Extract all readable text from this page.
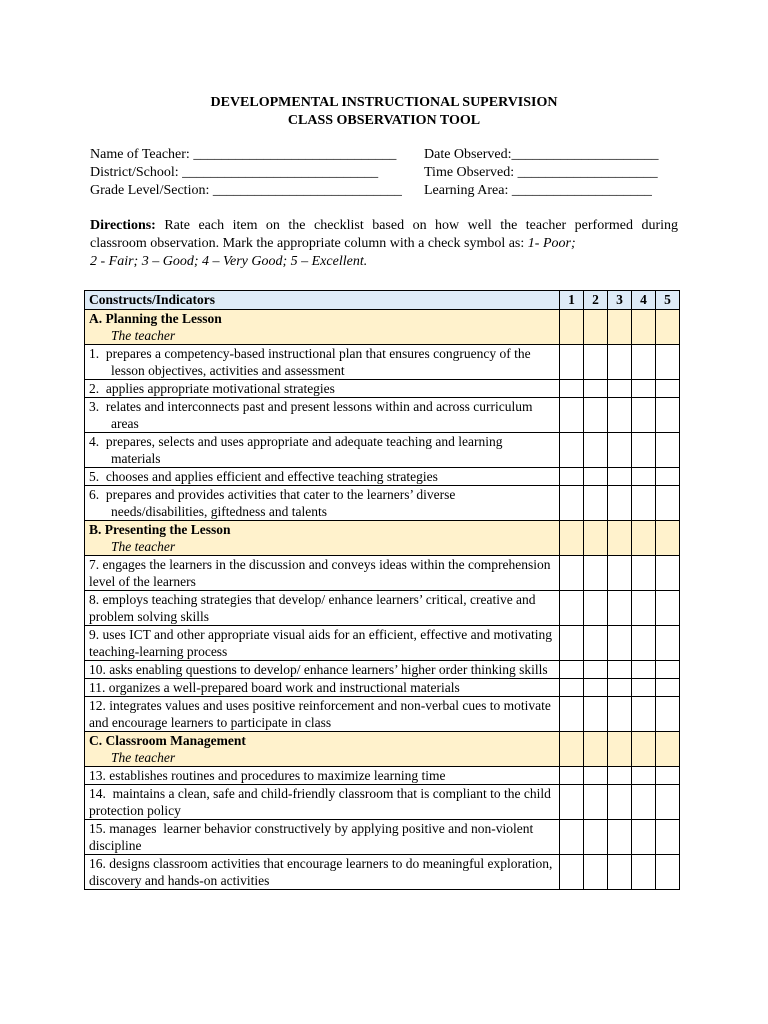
DEVELOPMENTAL INSTRUCTIONAL SUPERVISION
CLASS OBSERVATION TOOL
Name of Teacher: _____________________________ Date Observed:_____________________
District/School: ____________________________	Time Observed: ____________________
Grade Level/Section: ___________________________ Learning Area: ____________________
Directions: Rate each item on the checklist based on how well the teacher performed during
classroom observation. Mark the appropriate column with a check symbol as: 1- Poor;
2 - Fair; 3 – Good; 4 – Very Good; 5 – Excellent.
Constructs/Indicators	1	2	3	4	5

A. Planning the Lesson
The teacher					

1.  prepares a competency-based instructional plan that ensures congruency of the lesson objectives, activities and assessment					

2.  applies appropriate motivational strategies					

3.  relates and interconnects past and present lessons within and across curriculum areas					

4.  prepares, selects and uses appropriate and adequate teaching and learning materials					

5.  chooses and applies efficient and effective teaching strategies					

6.  prepares and provides activities that cater to the learners’ diverse needs/disabilities, giftedness and talents					

B. Presenting the Lesson
The teacher					

7. engages the learners in the discussion and conveys ideas within the comprehension level of the learners					
8. employs teaching strategies that develop/ enhance learners’ critical, creative and problem solving skills					
9. uses ICT and other appropriate visual aids for an efficient, effective and motivating teaching-learning process					
10. asks enabling questions to develop/ enhance learners’ higher order thinking skills					
11. organizes a well-prepared board work and instructional materials					
12. integrates values and uses positive reinforcement and non-verbal cues to motivate and encourage learners to participate in class					

C. Classroom Management
The teacher					

13. establishes routines and procedures to maximize learning time					
14.  maintains a clean, safe and child-friendly classroom that is compliant to the child protection policy					
15. manages  learner behavior constructively by applying positive and non-violent discipline					
16. designs classroom activities that encourage learners to do meaningful exploration, discovery and hands-on activities					
